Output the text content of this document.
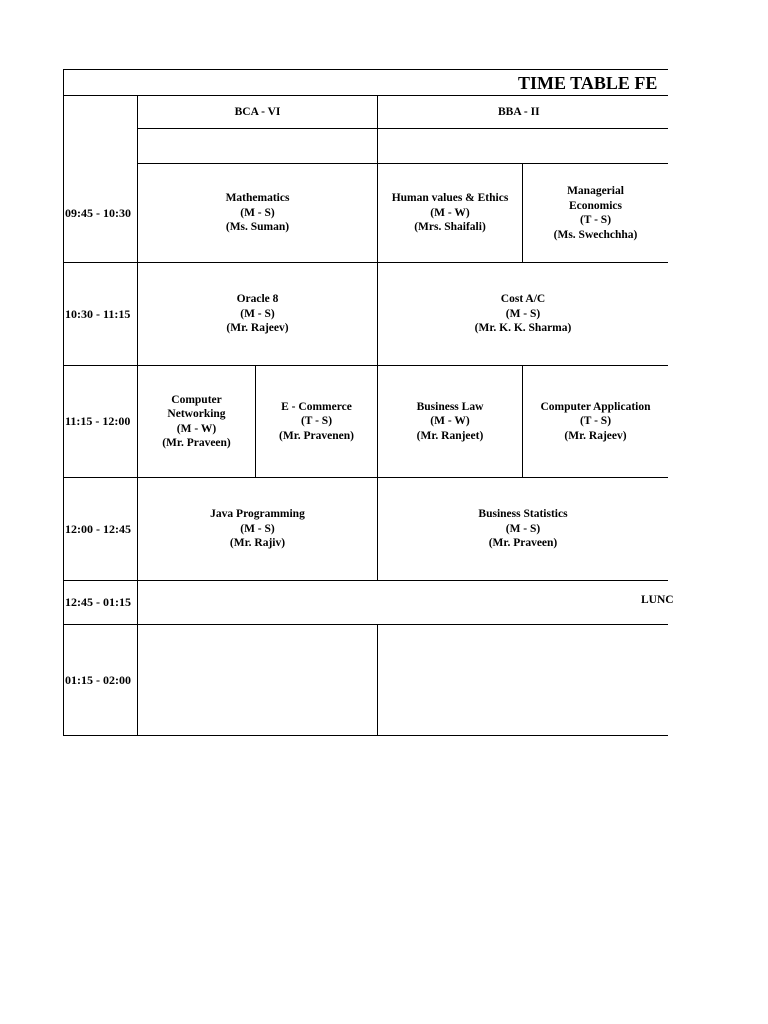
TIME TABLE FE
BCA - VI	BBA - II
09:45 - 10:30
10:30 - 11:15
11:15 - 12:00
12:00 - 12:45
12:45 - 01:15
01:15 - 02:00
Mathematics
(M - S)
(Ms. Suman)
Human values & Ethics
(M - W)
(Mrs. Shaifali)
Managerial Economics
(T - S)
(Ms. Swechchha)
Oracle 8
(M - S)
(Mr. Rajeev)
Cost A/C
(M - S)
(Mr. K. K. Sharma)
Computer Networking
(M - W)
(Mr. Praveen)
E - Commerce
(T - S)
(Mr. Pravenen)
Business Law
(M - W)
(Mr. Ranjeet)
Computer Application
(T - S)
(Mr. Rajeev)
Java Programming
(M - S)
(Mr. Rajiv)
Business Statistics
(M - S)
(Mr. Praveen)
LUNC
